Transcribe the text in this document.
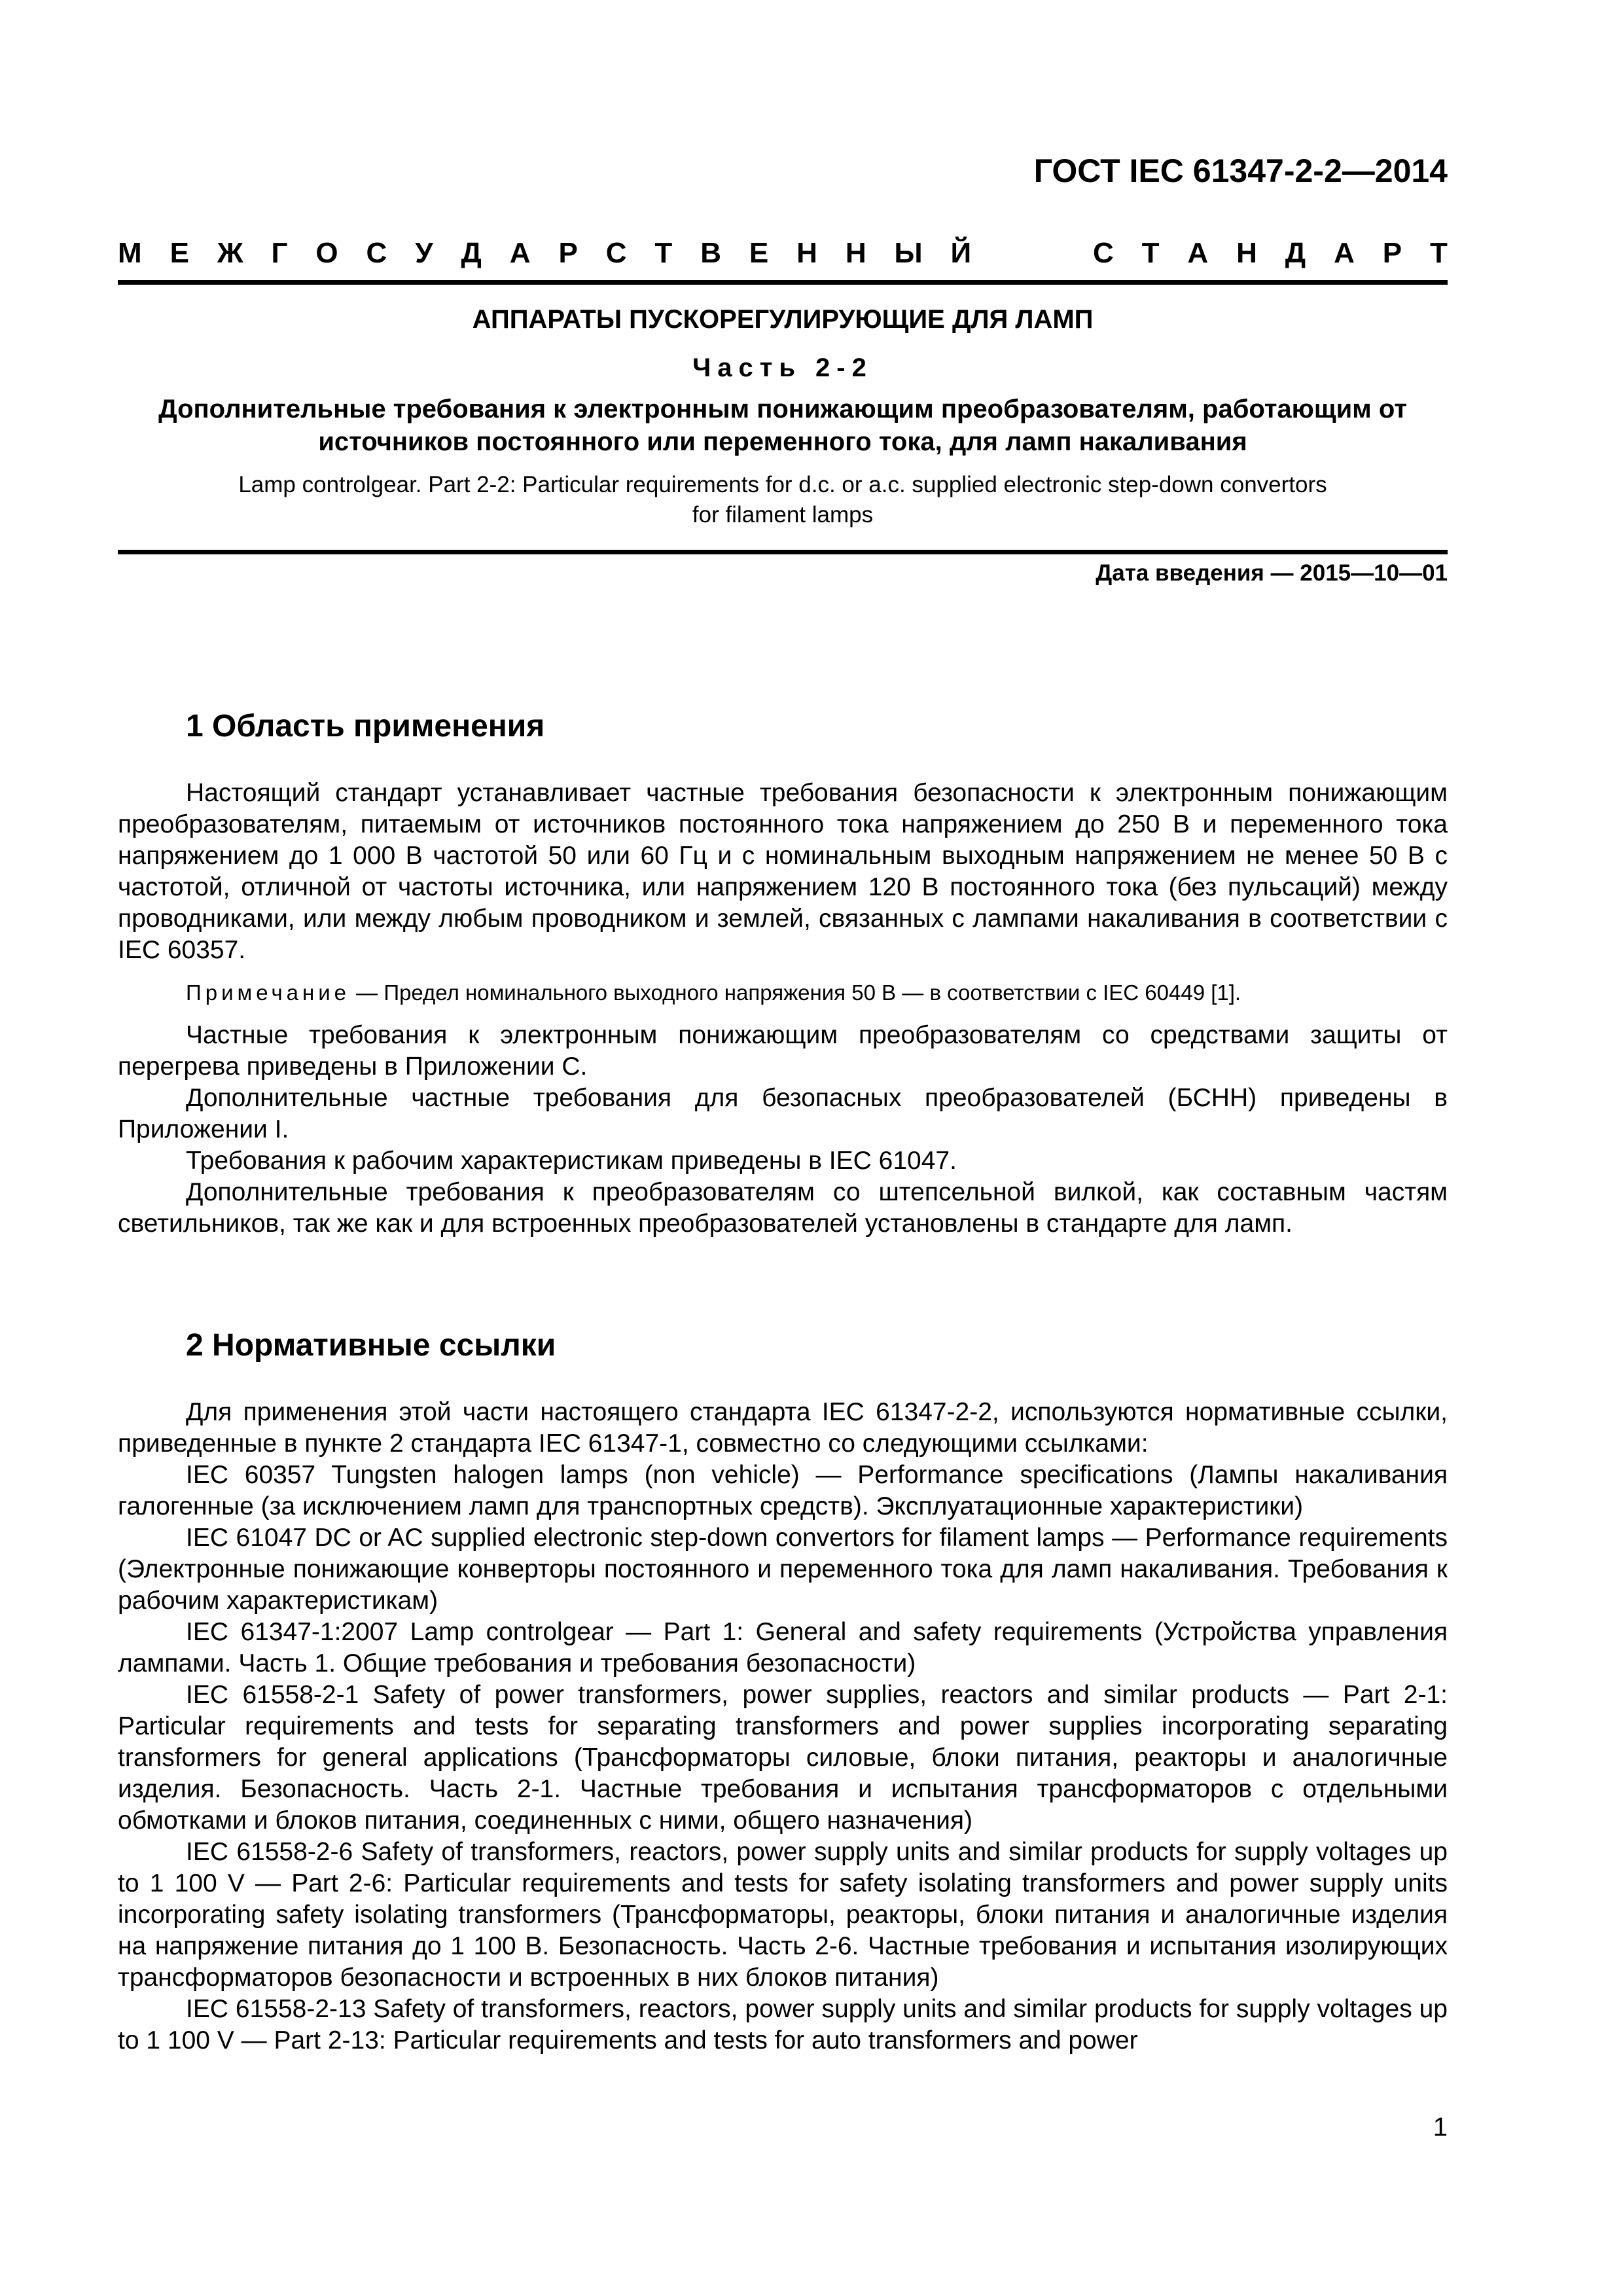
ГОСТ IEC 61347-2-2—2014
М Е Ж Г О С У Д А Р С Т В Е Н Н Ы Й	С Т А Н Д А Р Т
АППАРАТЫ ПУСКОРЕГУЛИРУЮЩИЕ ДЛЯ ЛАМП
Часть 2-2
Дополнительные требования к электронным понижающим преобразователям, работающим от
источников постоянного или переменного тока, для ламп накаливания
Lamp controlgear. Part 2-2: Particular requirements for d.c. or a.c. supplied electronic step-down convertors
for filament lamps
Дата введения — 2015—10—01
1 Область применения

Настоящий стандарт устанавливает частные требования безопасности к электронным понижающим преобразователям, питаемым от источников постоянного тока напряжением до 250 В и переменного тока напряжением до 1 000 В частотой 50 или 60 Гц и с номинальным выходным напряжением не менее 50 В с частотой, отличной от частоты источника, или напряжением 120 В постоянного тока (без пульсаций) между проводниками, или между любым проводником и землей, связанных с лампами накаливания в соответствии с IEC 60357.

Примечание — Предел номинального выходного напряжения 50 В — в соответствии с IEC 60449 [1].

Частные требования к электронным понижающим преобразователям со средствами защиты от перегрева приведены в Приложении С.

Дополнительные частные требования для безопасных преобразователей (БСНН) приведены в Приложении I.

Требования к рабочим характеристикам приведены в IEC 61047.

Дополнительные требования к преобразователям со штепсельной вилкой, как составным частям светильников, так же как и для встроенных преобразователей установлены в стандарте для ламп.

2 Нормативные ссылки

Для применения этой части настоящего стандарта IEC 61347-2-2, используются нормативные ссылки, приведенные в пункте 2 стандарта IEC 61347-1, совместно со следующими ссылками:

IEC 60357 Tungsten halogen lamps (non vehicle) — Performance specifications (Лампы накаливания галогенные (за исключением ламп для транспортных средств). Эксплуатационные характеристики)

IEC 61047 DC or AC supplied electronic step-down convertors for filament lamps — Performance requirements (Электронные понижающие конверторы постоянного и переменного тока для ламп накаливания. Требования к рабочим характеристикам)

IEC 61347-1:2007 Lamp controlgear — Part 1: General and safety requirements (Устройства управления лампами. Часть 1. Общие требования и требования безопасности)

IEC 61558-2-1 Safety of power transformers, power supplies, reactors and similar products — Part 2-1: Particular requirements and tests for separating transformers and power supplies incorporating separating transformers for general applications (Трансформаторы силовые, блоки питания, реакторы и аналогичные изделия. Безопасность. Часть 2-1. Частные требования и испытания трансформаторов с отдельными обмотками и блоков питания, соединенных с ними, общего назначения)

IEC 61558-2-6 Safety of transformers, reactors, power supply units and similar products for supply voltages up to 1 100 V — Part 2-6: Particular requirements and tests for safety isolating transformers and power supply units incorporating safety isolating transformers (Трансформаторы, реакторы, блоки питания и аналогичные изделия на напряжение питания до 1 100 В. Безопасность. Часть 2-6. Частные требования и испытания изолирующих трансформаторов безопасности и встроенных в них блоков питания)

IEC 61558-2-13 Safety of transformers, reactors, power supply units and similar products for supply voltages up to 1 100 V — Part 2-13: Particular requirements and tests for auto transformers and power

1
